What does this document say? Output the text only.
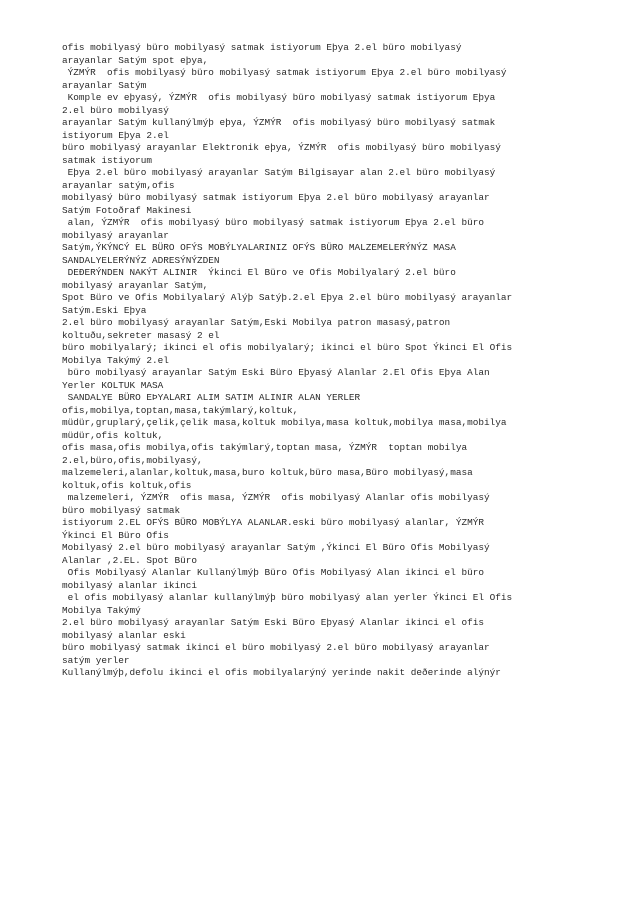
ofis mobilyasý büro mobilyasý satmak istiyorum Eþya 2.el büro mobilyasý
arayanlar Satým spot eþya,
ÝZMÝR  ofis mobilyasý büro mobilyasý satmak istiyorum Eþya 2.el büro mobilyasý
arayanlar Satým
Komple ev eþyasý, ÝZMÝR  ofis mobilyasý büro mobilyasý satmak istiyorum Eþya
2.el büro mobilyasý
arayanlar Satým kullanýlmýþ eþya, ÝZMÝR  ofis mobilyasý büro mobilyasý satmak
istiyorum Eþya 2.el
büro mobilyasý arayanlar Elektronik eþya, ÝZMÝR  ofis mobilyasý büro mobilyasý
satmak istiyorum
Eþya 2.el büro mobilyasý arayanlar Satým Bilgisayar alan 2.el büro mobilyasý
arayanlar satým,ofis
mobilyasý büro mobilyasý satmak istiyorum Eþya 2.el büro mobilyasý arayanlar
Satým Fotoðraf Makinesi
alan, ÝZMÝR  ofis mobilyasý büro mobilyasý satmak istiyorum Eþya 2.el büro
mobilyasý arayanlar
Satým,ÝKÝNCÝ EL BÜRO OFÝS MOBÝLYALARINIZ OFÝS BÜRO MALZEMELERÝNÝZ MASA
SANDALYELERÝNÝZ ADRESÝNÝZDEN
DEÐERÝNDEN NAKÝT ALINIR  Ýkinci El Büro ve Ofis Mobilyalarý 2.el büro
mobilyasý arayanlar Satým,
Spot Büro ve Ofis Mobilyalarý Alýþ Satýþ.2.el Eþya 2.el büro mobilyasý arayanlar
Satým.Eski Eþya
2.el büro mobilyasý arayanlar Satým,Eski Mobilya patron masasý,patron
koltuðu,sekreter masasý 2 el
büro mobilyalarý; ikinci el ofis mobilyalarý; ikinci el büro Spot Ýkinci El Ofis
Mobilya Takýmý 2.el
büro mobilyasý arayanlar Satým Eski Büro Eþyasý Alanlar 2.El Ofis Eþya Alan
Yerler KOLTUK MASA
SANDALYE BÜRO EÞYALARI ALIM SATIM ALINIR ALAN YERLER
ofis,mobilya,toptan,masa,takýmlarý,koltuk,
müdür,gruplarý,çelik,çelik masa,koltuk mobilya,masa koltuk,mobilya masa,mobilya
müdür,ofis koltuk,
ofis masa,ofis mobilya,ofis takýmlarý,toptan masa, ÝZMÝR  toptan mobilya
2.el,büro,ofis,mobilyasý,
malzemeleri,alanlar,koltuk,masa,buro koltuk,büro masa,Büro mobilyasý,masa
koltuk,ofis koltuk,ofis
malzemeleri, ÝZMÝR  ofis masa, ÝZMÝR  ofis mobilyasý Alanlar ofis mobilyasý
büro mobilyasý satmak
istiyorum 2.EL OFÝS BÜRO MOBÝLYA ALANLAR.eski büro mobilyasý alanlar, ÝZMÝR
Ýkinci El Büro Ofis
Mobilyasý 2.el büro mobilyasý arayanlar Satým ,Ýkinci El Büro Ofis Mobilyasý
Alanlar ,2.EL. Spot Büro
Ofis Mobilyasý Alanlar Kullanýlmýþ Büro Ofis Mobilyasý Alan ikinci el büro
mobilyasý alanlar ikinci
el ofis mobilyasý alanlar kullanýlmýþ büro mobilyasý alan yerler Ýkinci El Ofis
Mobilya Takýmý
2.el büro mobilyasý arayanlar Satým Eski Büro Eþyasý Alanlar ikinci el ofis
mobilyasý alanlar eski
büro mobilyasý satmak ikinci el büro mobilyasý 2.el büro mobilyasý arayanlar
satým yerler
Kullanýlmýþ,defolu ikinci el ofis mobilyalarýný yerinde nakit deðerinde alýnýr
